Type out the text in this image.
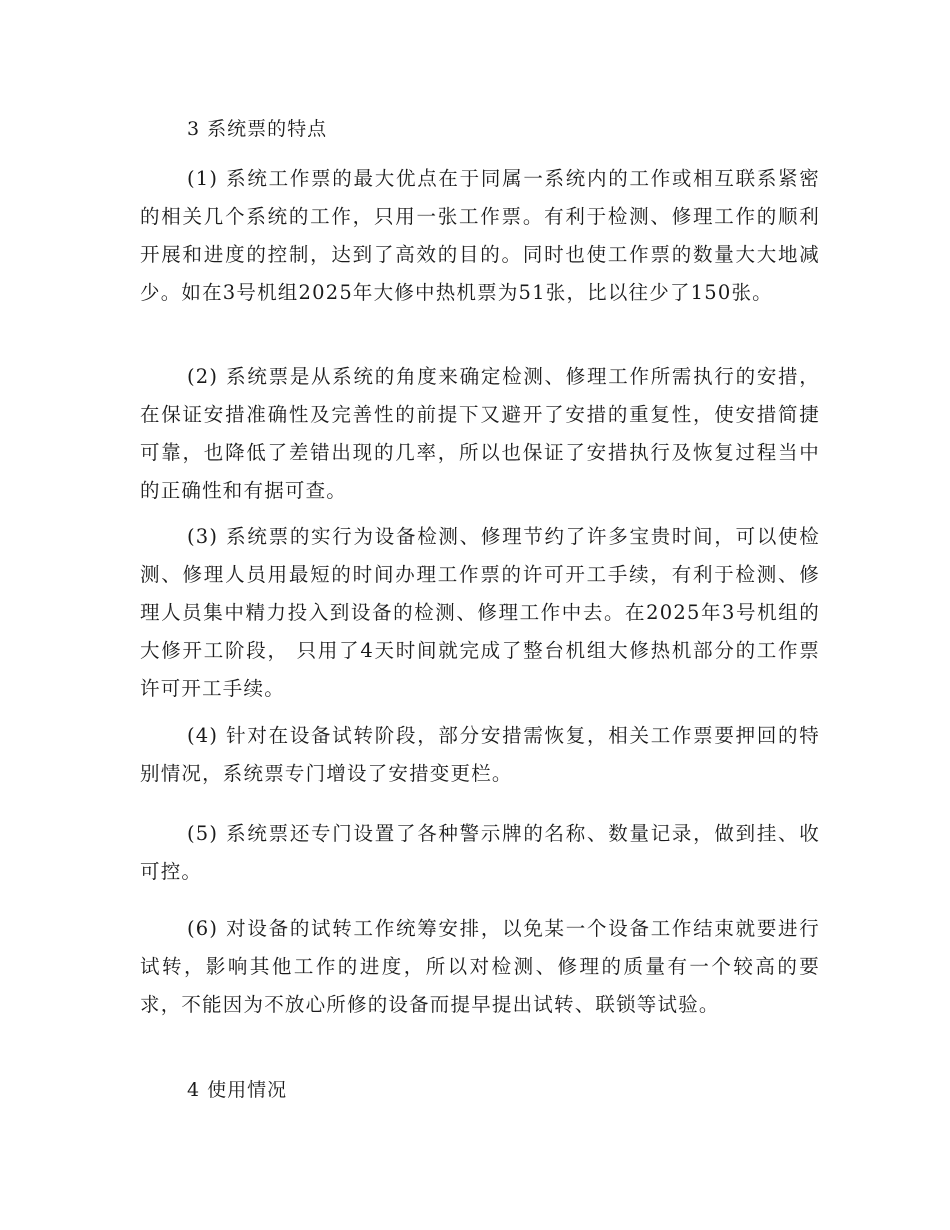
3 系统票的特点

(1) 系统工作票的最大优点在于同属一系统内的工作或相互联系紧密的相关几个系统的工作，只用一张工作票。有利于检测、修理工作的顺利开展和进度的控制，达到了高效的目的。同时也使工作票的数量大大地减少。如在3号机组2025年大修中热机票为51张，比以往少了150张。

(2) 系统票是从系统的角度来确定检测、修理工作所需执行的安措，在保证安措准确性及完善性的前提下又避开了安措的重复性，使安措简捷可靠，也降低了差错出现的几率，所以也保证了安措执行及恢复过程当中的正确性和有据可查。

(3) 系统票的实行为设备检测、修理节约了许多宝贵时间，可以使检测、修理人员用最短的时间办理工作票的许可开工手续，有利于检测、修理人员集中精力投入到设备的检测、修理工作中去。在2025年3号机组的大修开工阶段， 只用了4天时间就完成了整台机组大修热机部分的工作票许可开工手续。

(4) 针对在设备试转阶段，部分安措需恢复，相关工作票要押回的特别情况，系统票专门增设了安措变更栏。

(5) 系统票还专门设置了各种警示牌的名称、数量记录，做到挂、收可控。

(6) 对设备的试转工作统筹安排，以免某一个设备工作结束就要进行试转，影响其他工作的进度，所以对检测、修理的质量有一个较高的要求，不能因为不放心所修的设备而提早提出试转、联锁等试验。

4 使用情况
